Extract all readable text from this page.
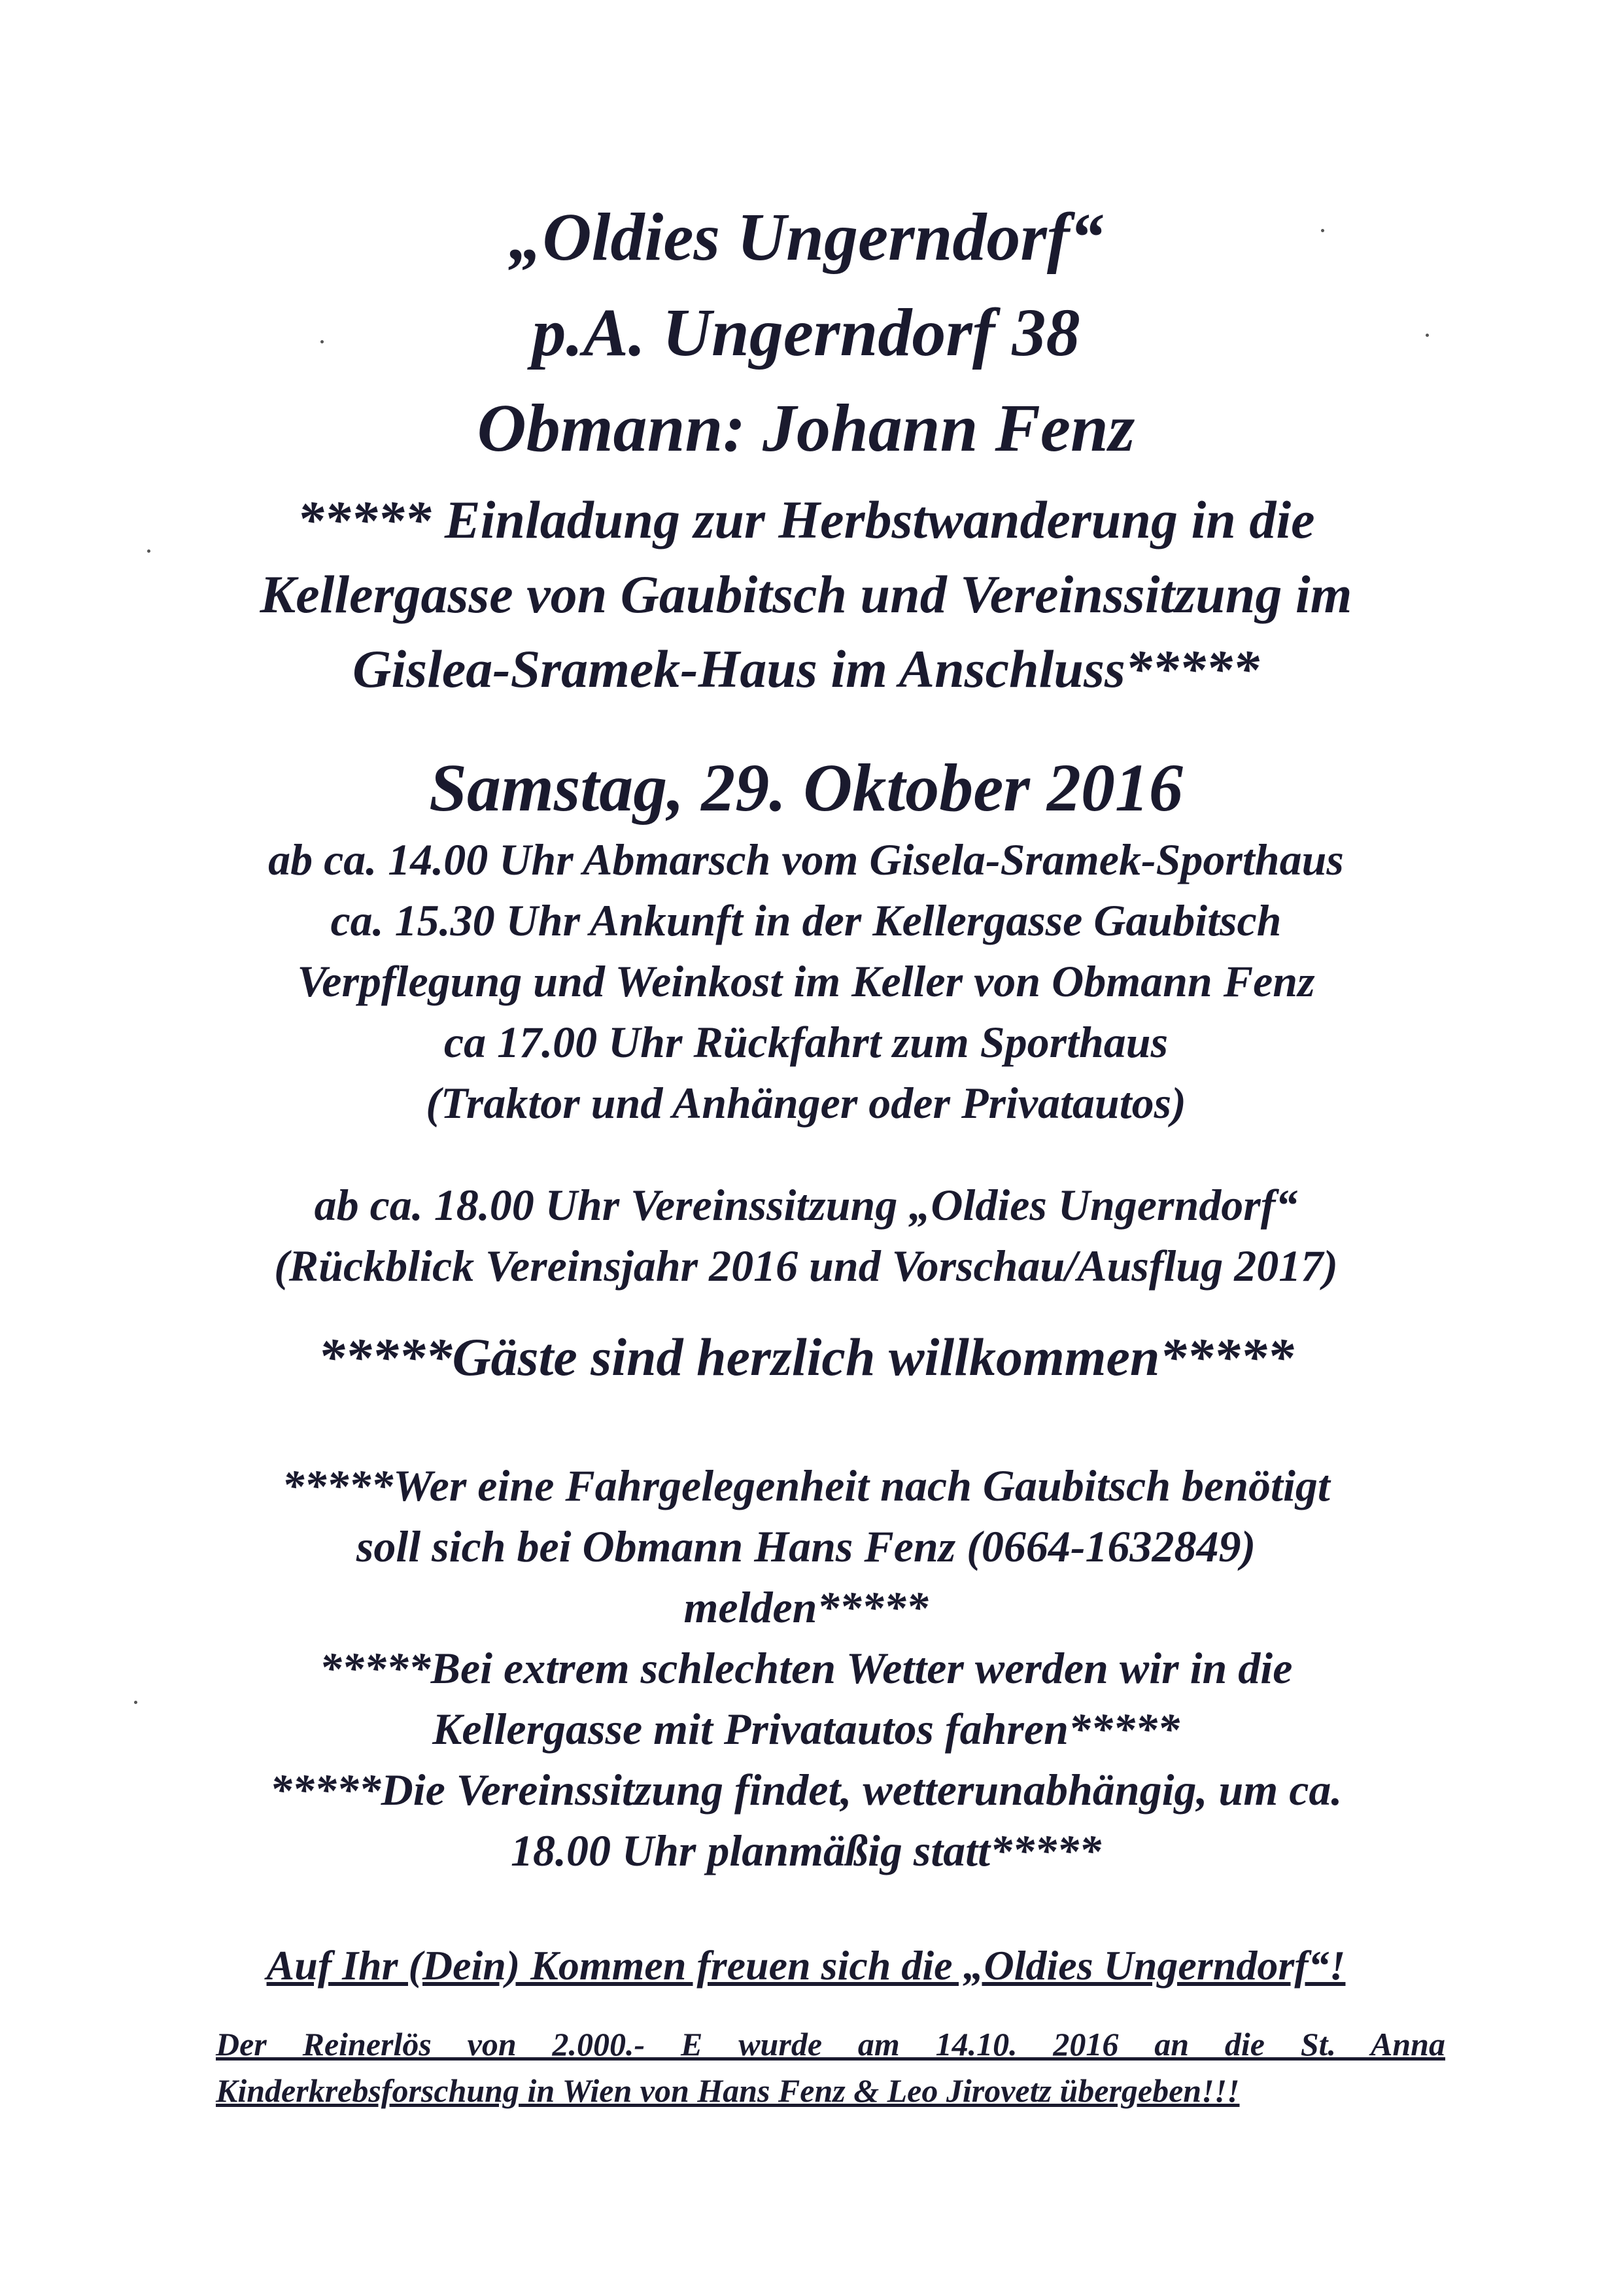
„Oldies Ungerndorf“
p.A. Ungerndorf 38
Obmann: Johann Fenz
***** Einladung zur Herbstwanderung in die
Kellergasse von Gaubitsch und Vereinssitzung im
Gislea-Sramek-Haus im Anschluss*****
Samstag, 29. Oktober 2016
ab ca. 14.00 Uhr Abmarsch vom Gisela-Sramek-Sporthaus
ca. 15.30 Uhr Ankunft in der Kellergasse Gaubitsch
Verpflegung und Weinkost im Keller von Obmann Fenz
ca 17.00 Uhr Rückfahrt zum Sporthaus
(Traktor und Anhänger oder Privatautos)
ab ca. 18.00 Uhr Vereinssitzung „Oldies Ungerndorf“
(Rückblick Vereinsjahr 2016 und Vorschau/Ausflug 2017)
*****Gäste sind herzlich willkommen*****
*****Wer eine Fahrgelegenheit nach Gaubitsch benötigt
soll sich bei Obmann Hans Fenz (0664-1632849)
melden*****
*****Bei extrem schlechten Wetter werden wir in die
Kellergasse mit Privatautos fahren*****
*****Die Vereinssitzung findet, wetterunabhängig, um ca.
18.00 Uhr planmäßig statt*****
Auf Ihr (Dein) Kommen freuen sich die „Oldies Ungerndorf“!
Der Reinerlös von 2.000.- E wurde am 14.10. 2016 an die St. Anna
Kinderkrebsforschung in Wien von Hans Fenz & Leo Jirovetz übergeben!!!
